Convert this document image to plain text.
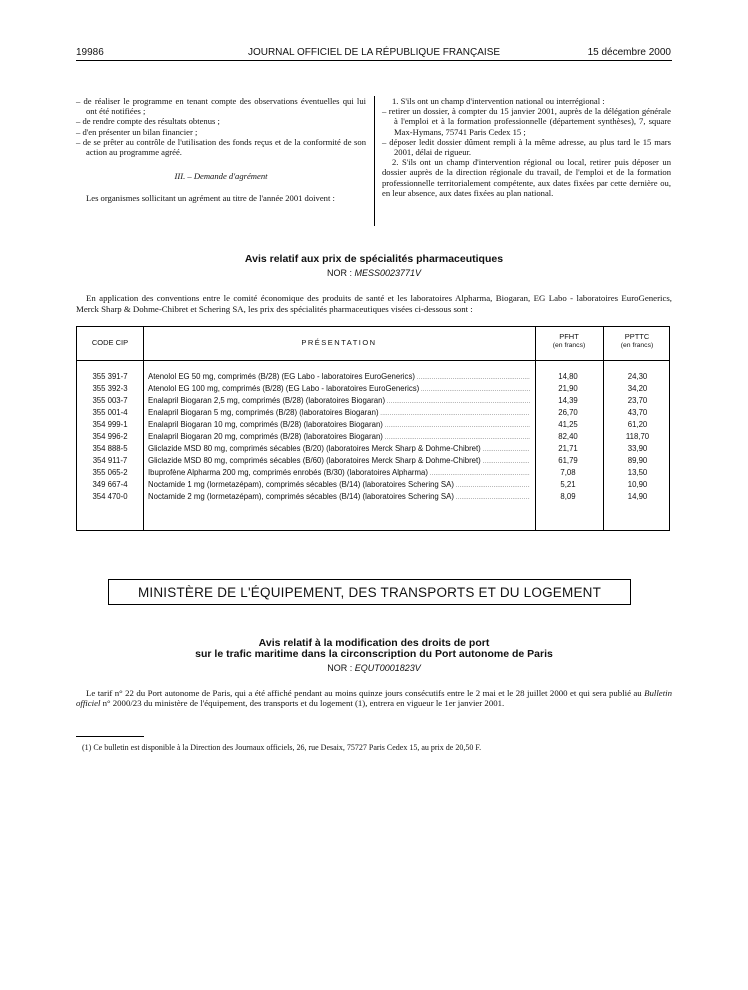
19986	JOURNAL OFFICIEL DE LA RÉPUBLIQUE FRANÇAISE	15 décembre 2000
– de réaliser le programme en tenant compte des observations éventuelles qui lui ont été notifiées ;
– de rendre compte des résultats obtenus ;
– d'en présenter un bilan financier ;
– de se prêter au contrôle de l'utilisation des fonds reçus et de la conformité de son action au programme agréé.
III. – Demande d'agrément

Les organismes sollicitant un agrément au titre de l'année 2001 doivent :

1. S'ils ont un champ d'intervention national ou interrégional :

– retirer un dossier, à compter du 15 janvier 2001, auprès de la délégation générale à l'emploi et à la formation professionnelle (département synthèses), 7, square Max-Hymans, 75741 Paris Cedex 15 ;
– déposer ledit dossier dûment rempli à la même adresse, au plus tard le 15 mars 2001, délai de rigueur.

2. S'ils ont un champ d'intervention régional ou local, retirer puis déposer un dossier auprès de la direction régionale du travail, de l'emploi et de la formation professionnelle territorialement compétente, aux dates fixées par cette dernière ou, en leur absence, aux dates fixées au plan national.

Avis relatif aux prix de spécialités pharmaceutiques
NOR : MESS0023771V
En application des conventions entre le comité économique des produits de santé et les laboratoires Alpharma, Biogaran, EG Labo - laboratoires EuroGenerics, Merck Sharp & Dohme-Chibret et Schering SA, les prix des spécialités pharmaceutiques visées ci-dessous sont :
CODE CIP	PRÉSENTATION
PFHT
(en francs)
PPTTC
(en francs)
355 391-7	Atenolol EG 50 mg, comprimés (B/28) (EG Labo - laboratoires EuroGenerics) .....	14,80	24,30
355 392-3	Atenolol EG 100 mg, comprimés (B/28) (EG Labo - laboratoires EuroGenerics) .....	21,90	34,20
355 003-7	Enalapril Biogaran 2,5 mg, comprimés (B/28) (laboratoires Biogaran) .....	14,39	23,70
355 001-4	Enalapril Biogaran 5 mg, comprimés (B/28) (laboratoires Biogaran) .....	26,70	43,70
354 999-1	Enalapril Biogaran 10 mg, comprimés (B/28) (laboratoires Biogaran) .....	41,25	61,20
354 996-2	Enalapril Biogaran 20 mg, comprimés (B/28) (laboratoires Biogaran) .....	82,40	118,70
354 888-5	Gliclazide MSD 80 mg, comprimés sécables (B/20) (laboratoires Merck Sharp & Dohme-Chibret) .....	21,71	33,90
354 911-7	Gliclazide MSD 80 mg, comprimés sécables (B/60) (laboratoires Merck Sharp & Dohme-Chibret) .....	61,79	89,90
355 065-2	Ibuprofène Alpharma 200 mg, comprimés enrobés (B/30) (laboratoires Alpharma) .....	7,08	13,50
349 667-4	Noctamide 1 mg (lormetazépam), comprimés sécables (B/14) (laboratoires Schering SA) .....	5,21	10,90
354 470-0	Noctamide 2 mg (lormetazépam), comprimés sécables (B/14) (laboratoires Schering SA) .....	8,09	14,90
MINISTÈRE DE L'ÉQUIPEMENT, DES TRANSPORTS ET DU LOGEMENT
Avis relatif à la modification des droits de port
sur le trafic maritime dans la circonscription du Port autonome de Paris
NOR : EQUT0001823V
Le tarif n° 22 du Port autonome de Paris, qui a été affiché pendant au moins quinze jours consécutifs entre le 2 mai et le 28 juillet 2000 et qui sera publié au Bulletin officiel n° 2000/23 du ministère de l'équipement, des transports et du logement (1), entrera en vigueur le 1er janvier 2001.
(1) Ce bulletin est disponible à la Direction des Journaux officiels, 26, rue Desaix, 75727 Paris Cedex 15, au prix de 20,50 F.
